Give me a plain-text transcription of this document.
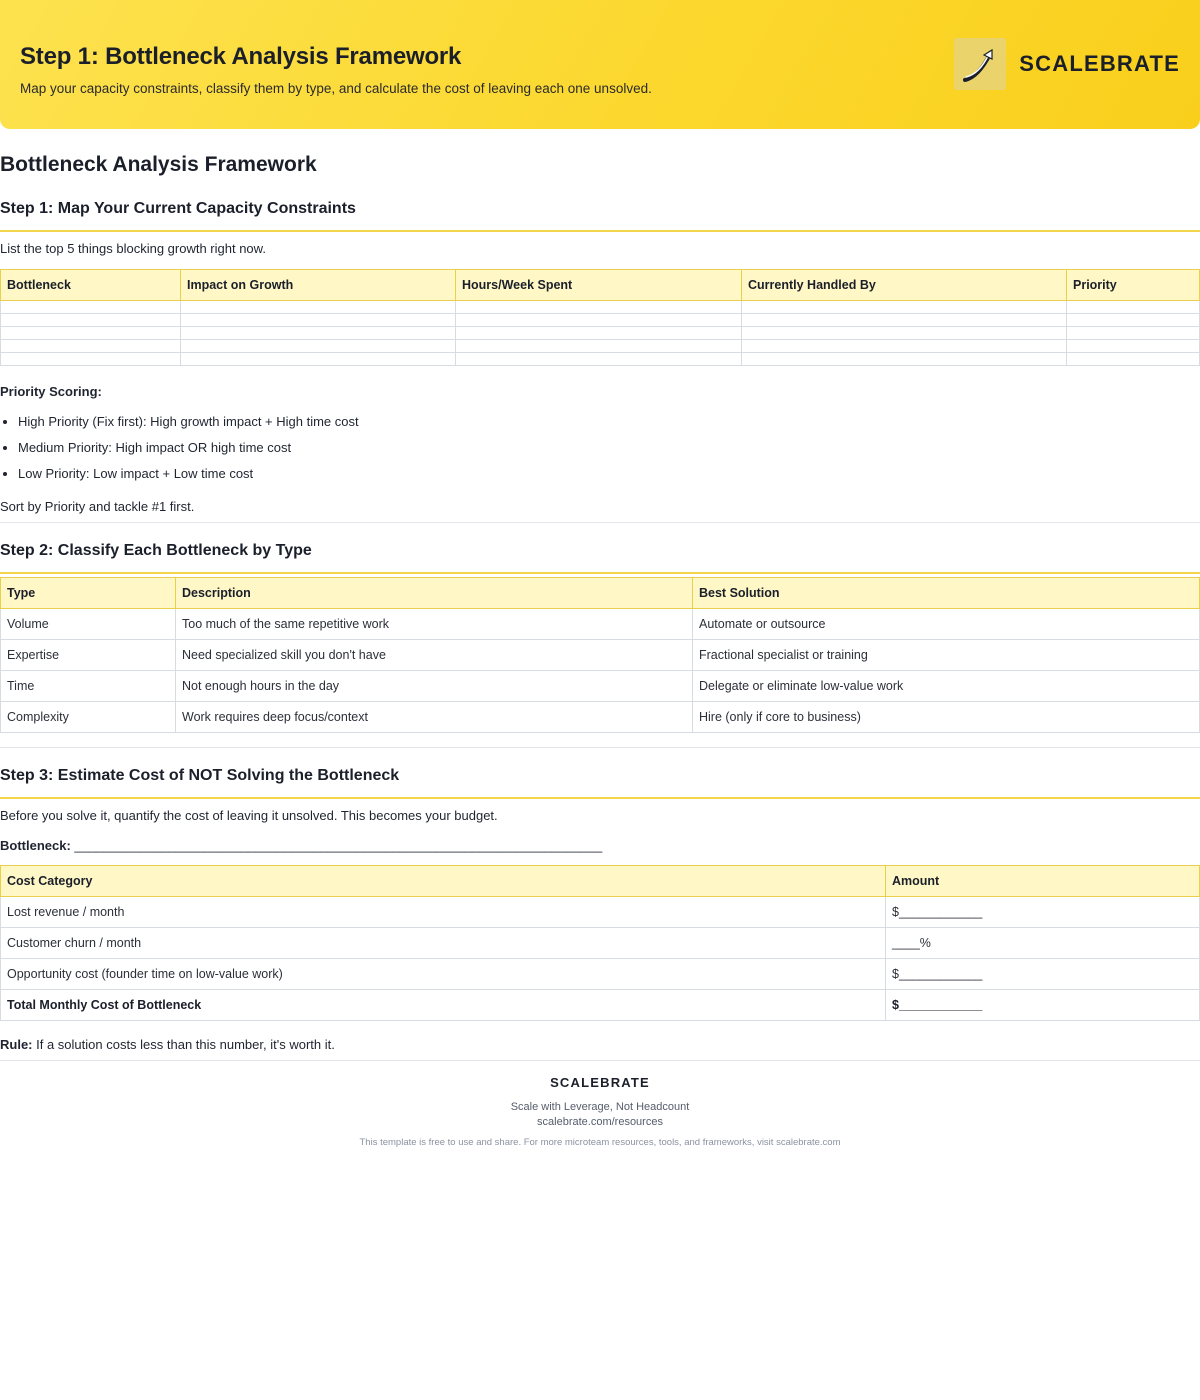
Step 1: Bottleneck Analysis Framework
Map your capacity constraints, classify them by type, and calculate the cost of leaving each one unsolved.
SCALEBRATE
Bottleneck Analysis Framework
Step 1: Map Your Current Capacity Constraints
List the top 5 things blocking growth right now.
Bottleneck	Impact on Growth	Hours/Week Spent	Currently Handled By	Priority

Priority Scoring:
• High Priority (Fix first): High growth impact + High time cost
• Medium Priority: High impact OR high time cost
• Low Priority: Low impact + Low time cost
Sort by Priority and tackle #1 first.
Step 2: Classify Each Bottleneck by Type
Type	Description	Best Solution
Volume	Too much of the same repetitive work	Automate or outsource
Expertise	Need specialized skill you don't have	Fractional specialist or training
Time	Not enough hours in the day	Delegate or eliminate low-value work
Complexity	Work requires deep focus/context	Hire (only if core to business)
Step 3: Estimate Cost of NOT Solving the Bottleneck
Before you solve it, quantify the cost of leaving it unsolved. This becomes your budget.
Bottleneck: _________________________________________________________________________
Cost Category	Amount
Lost revenue / month	$____________
Customer churn / month	____%
Opportunity cost (founder time on low-value work)	$____________
Total Monthly Cost of Bottleneck	$____________
Rule: If a solution costs less than this number, it's worth it.
SCALEBRATE
Scale with Leverage, Not Headcount
scalebrate.com/resources
This template is free to use and share. For more microteam resources, tools, and frameworks, visit scalebrate.com
